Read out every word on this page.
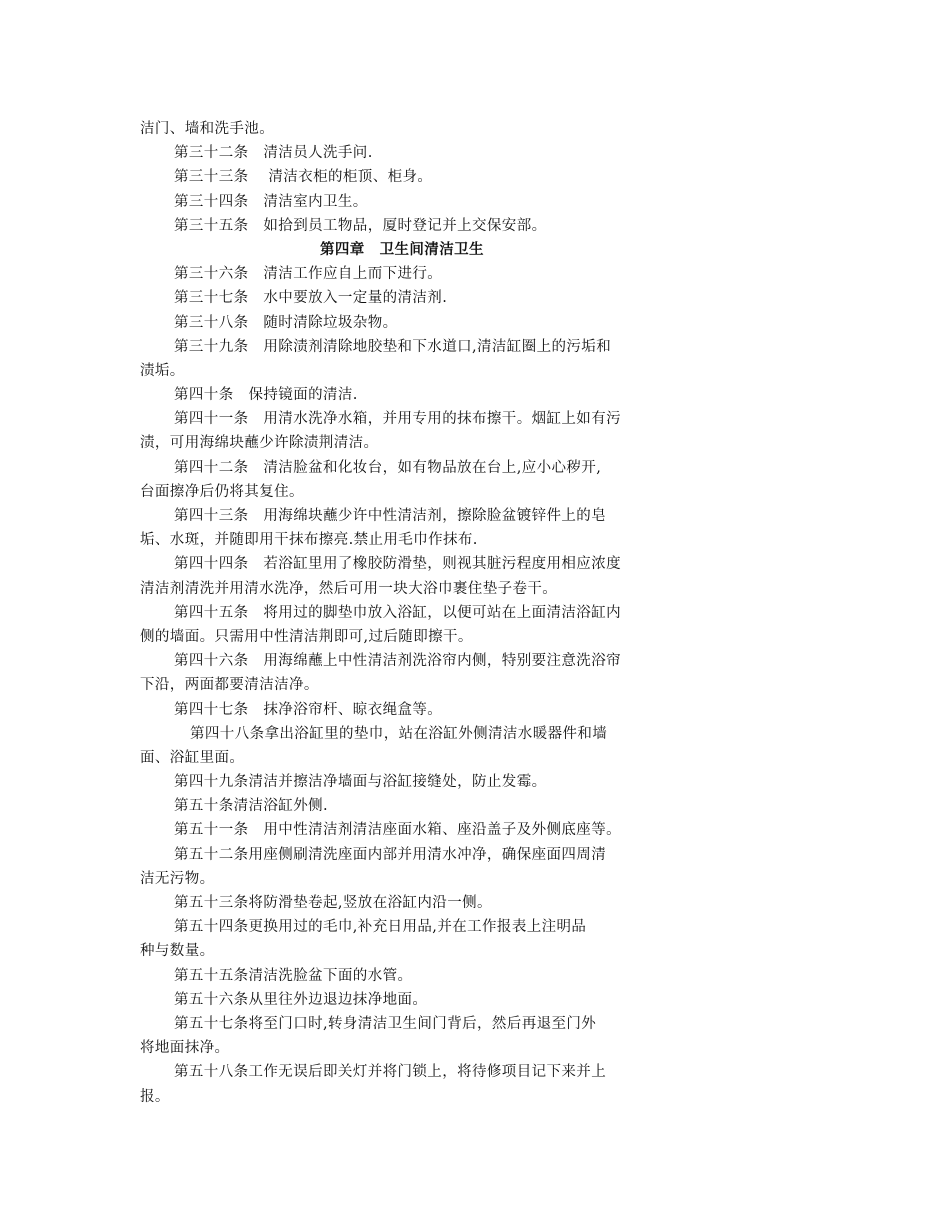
洁门、墙和洗手池。
第三十二条　清洁员人洗手问.
第三十三条　 清洁衣柜的柜顶、柜身。
第三十四条　清洁室内卫生。
第三十五条　如拾到员工物品，厦时登记并上交保安部。
第四章　卫生间清洁卫生
第三十六条　清洁工作应自上而下进行。
第三十七条　水中要放入一定量的清洁剂.
第三十八条　随时清除垃圾杂物。
第三十九条　用除渍剂清除地胶垫和下水道口,清洁缸圈上的污垢和
渍垢。
第四十条　保持镜面的清洁.
第四十一条　用清水洗净水箱，并用专用的抹布擦干。烟缸上如有污
渍，可用海绵块蘸少许除渍荆清洁。
第四十二条　清洁脸盆和化妆台，如有物品放在台上,应小心秽开,
台面擦净后仍将其复住。
第四十三条　用海绵块蘸少许中性清洁剂，擦除脸盆镀锌件上的皂
垢、水斑，并随即用干抹布擦亮.禁止用毛巾作抹布.
第四十四条　若浴缸里用了橡胶防滑垫，则视其脏污程度用相应浓度
清洁剂清洗并用清水洗净，然后可用一块大浴巾裹住垫子卷干。
第四十五条　将用过的脚垫巾放入浴缸，以便可站在上面清洁浴缸内
侧的墙面。只需用中性清洁荆即可,过后随即擦干。
第四十六条　用海绵蘸上中性清洁剂洗浴帘内侧，特别要注意洗浴帘
下沿，两面都要清洁洁净。
第四十七条　抹净浴帘杆、晾衣绳盒等。
第四十八条拿出浴缸里的垫巾，站在浴缸外侧清洁水暖器件和墙
面、浴缸里面。
第四十九条清洁并擦洁净墙面与浴缸接缝处，防止发霉。
第五十条清洁浴缸外侧.
第五十一条　用中性清洁剂清洁座面水箱、座沿盖子及外侧底座等。
第五十二条用座侧刷清洗座面内部并用清水冲净，确保座面四周清
洁无污物。
第五十三条将防滑垫卷起,竖放在浴缸内沿一侧。
第五十四条更换用过的毛巾,补充日用品,并在工作报表上注明品
种与数量。
第五十五条清洁洗脸盆下面的水管。
第五十六条从里往外边退边抹净地面。
第五十七条将至门口时,转身清洁卫生间门背后，然后再退至门外
将地面抹净。
第五十八条工作无误后即关灯并将门锁上，将待修项目记下来并上
报。
